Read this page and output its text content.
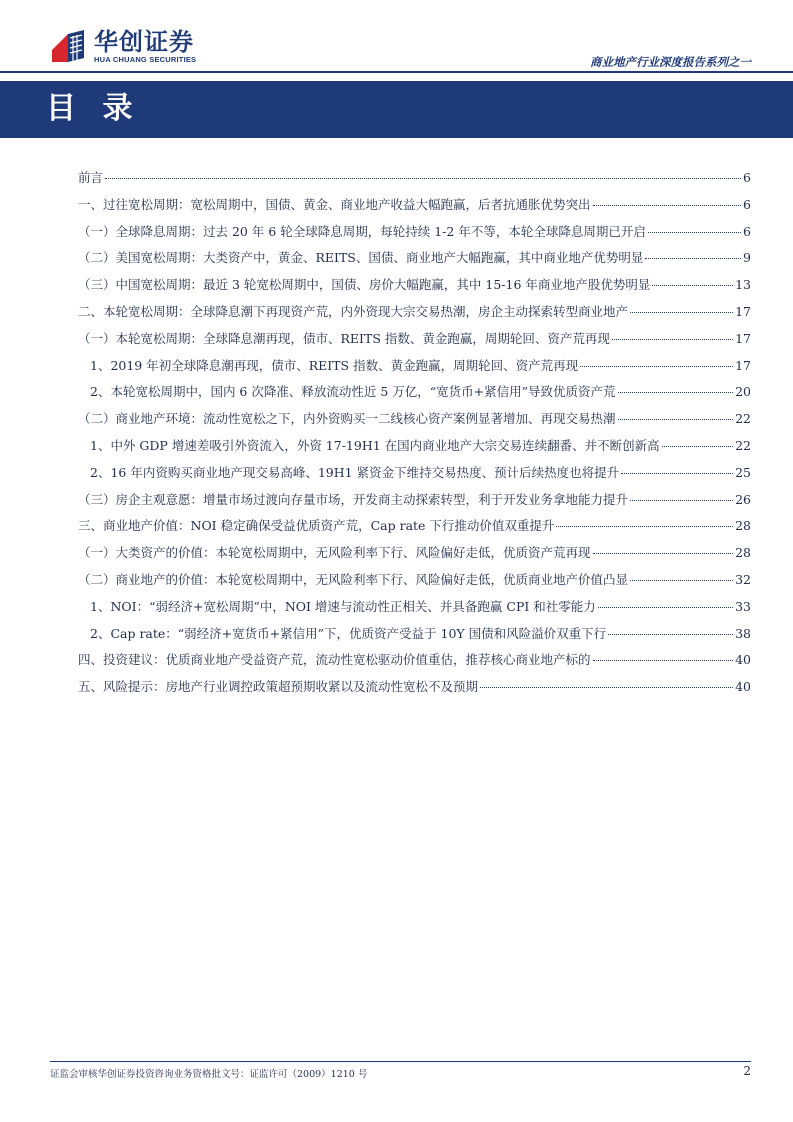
华创证券
HUA CHUANG SECURITIES	商业地产行业深度报告系列之一
目 录
前言	6
一、过往宽松周期：宽松周期中，国债、黄金、商业地产收益大幅跑赢，后者抗通胀优势突出	6
（一）全球降息周期：过去 20 年 6 轮全球降息周期，每轮持续 1-2 年不等，本轮全球降息周期已开启	6
（二）美国宽松周期：大类资产中，黄金、REITS、国债、商业地产大幅跑赢，其中商业地产优势明显	9
（三）中国宽松周期：最近 3 轮宽松周期中，国债、房价大幅跑赢，其中 15-16 年商业地产股优势明显	13
二、本轮宽松周期：全球降息潮下再现资产荒，内外资现大宗交易热潮，房企主动探索转型商业地产	17
（一）本轮宽松周期：全球降息潮再现，债市、REITS 指数、黄金跑赢，周期轮回、资产荒再现	17
1、2019 年初全球降息潮再现，债市、REITS 指数、黄金跑赢，周期轮回、资产荒再现	17
2、本轮宽松周期中，国内 6 次降准、释放流动性近 5 万亿，“宽货币+紧信用”导致优质资产荒	20
（二）商业地产环境：流动性宽松之下，内外资购买一二线核心资产案例显著增加、再现交易热潮	22
1、中外 GDP 增速差吸引外资流入，外资 17-19H1 在国内商业地产大宗交易连续翻番、并不断创新高	22
2、16 年内资购买商业地产现交易高峰、19H1 紧资金下维持交易热度、预计后续热度也将提升	25
（三）房企主观意愿：增量市场过渡向存量市场，开发商主动探索转型，利于开发业务拿地能力提升	26
三、商业地产价值：NOI 稳定确保受益优质资产荒，Cap rate 下行推动价值双重提升	28
（一）大类资产的价值：本轮宽松周期中，无风险利率下行、风险偏好走低，优质资产荒再现	28
（二）商业地产的价值：本轮宽松周期中，无风险利率下行、风险偏好走低，优质商业地产价值凸显	32
1、NOI：“弱经济+宽松周期”中，NOI 增速与流动性正相关、并具备跑赢 CPI 和社零能力	33
2、Cap rate：“弱经济+宽货币+紧信用”下，优质资产受益于 10Y 国债和风险溢价双重下行	38
四、投资建议：优质商业地产受益资产荒，流动性宽松驱动价值重估，推荐核心商业地产标的	40
五、风险提示：房地产行业调控政策超预期收紧以及流动性宽松不及预期	40
证监会审核华创证券投资咨询业务资格批文号：证监许可（2009）1210 号	2
